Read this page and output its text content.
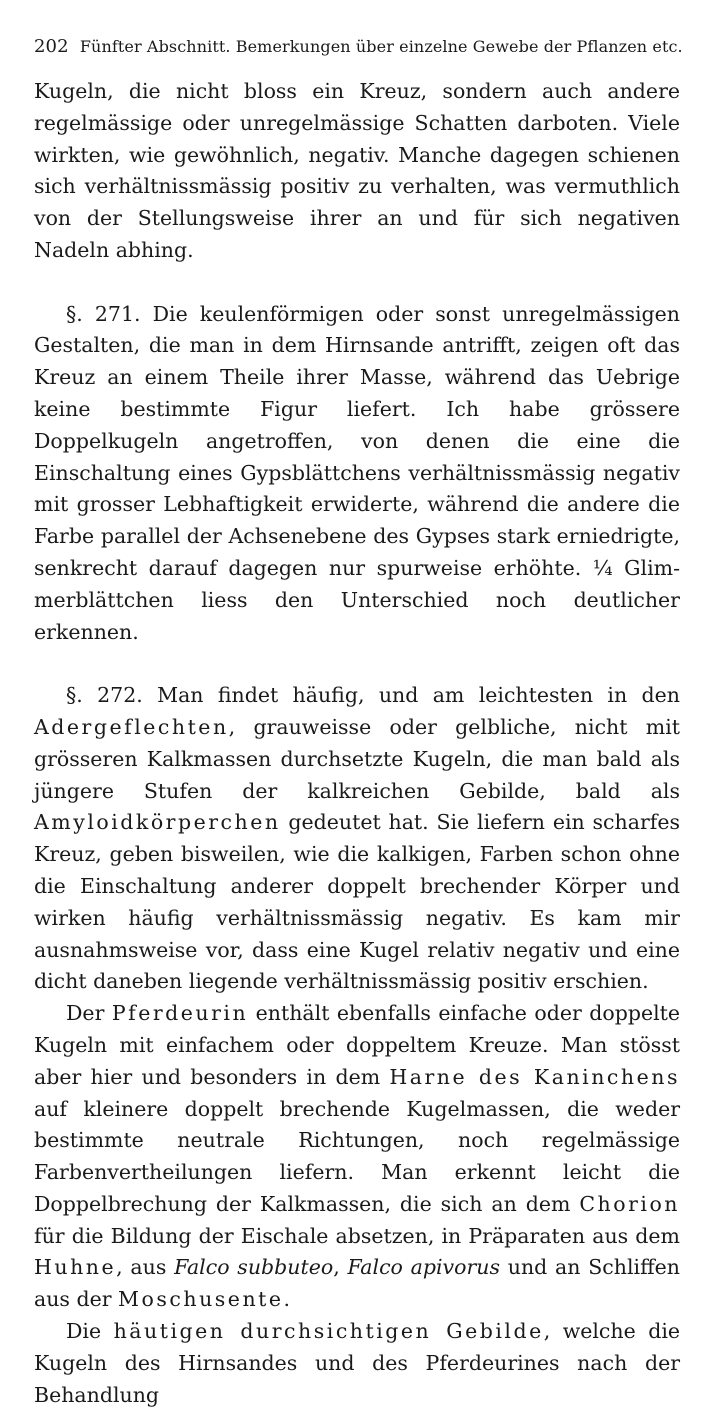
202 Fünfter Abschnitt. Bemerkungen über einzelne Gewebe der Pflanzen etc.

Kugeln, die nicht bloss ein Kreuz, sondern auch andere regelmässige oder unregelmässige Schatten darboten. Viele wirkten, wie gewöhnlich, negativ. Manche dagegen schienen sich verhältnissmässig positiv zu verhalten, was vermuthlich von der Stellungsweise ihrer an und für sich negativen Nadeln abhing.

§. 271. Die keulenförmigen oder sonst unregelmässigen Gestalten, die man in dem Hirnsande antrifft, zeigen oft das Kreuz an einem Theile ihrer Masse, während das Uebrige keine bestimmte Figur liefert. Ich habe grössere Doppelkugeln angetroffen, von denen die eine die Einschaltung eines Gypsblättchens verhältnissmässig negativ mit grosser Lebhaftigkeit erwiderte, während die andere die Farbe parallel der Achsenebene des Gypses stark erniedrigte, senkrecht darauf dagegen nur spurweise erhöhte. ¼ Glimmerblättchen liess den Unterschied noch deutlicher erkennen.

§. 272. Man findet häufig, und am leichtesten in den Adergeflechten, grauweisse oder gelbliche, nicht mit grösseren Kalkmassen durchsetzte Kugeln, die man bald als jüngere Stufen der kalkreichen Gebilde, bald als Amyloidkörperchen gedeutet hat. Sie liefern ein scharfes Kreuz, geben bisweilen, wie die kalkigen, Farben schon ohne die Einschaltung anderer doppelt brechender Körper und wirken häufig verhältnissmässig negativ. Es kam mir ausnahmsweise vor, dass eine Kugel relativ negativ und eine dicht daneben liegende verhältnissmässig positiv erschien.

Der Pferdeurin enthält ebenfalls einfache oder doppelte Kugeln mit einfachem oder doppeltem Kreuze. Man stösst aber hier und besonders in dem Harne des Kaninchens auf kleinere doppelt brechende Kugelmassen, die weder bestimmte neutrale Richtungen, noch regelmässige Farbenvertheilungen liefern. Man erkennt leicht die Doppelbrechung der Kalkmassen, die sich an dem Chorion für die Bildung der Eischale absetzen, in Präparaten aus dem Huhne, aus Falco subbuteo, Falco apivorus und an Schliffen aus der Moschusente.

Die häutigen durchsichtigen Gebilde, welche die Kugeln des Hirnsandes und des Pferdeurines nach der Behandlung
